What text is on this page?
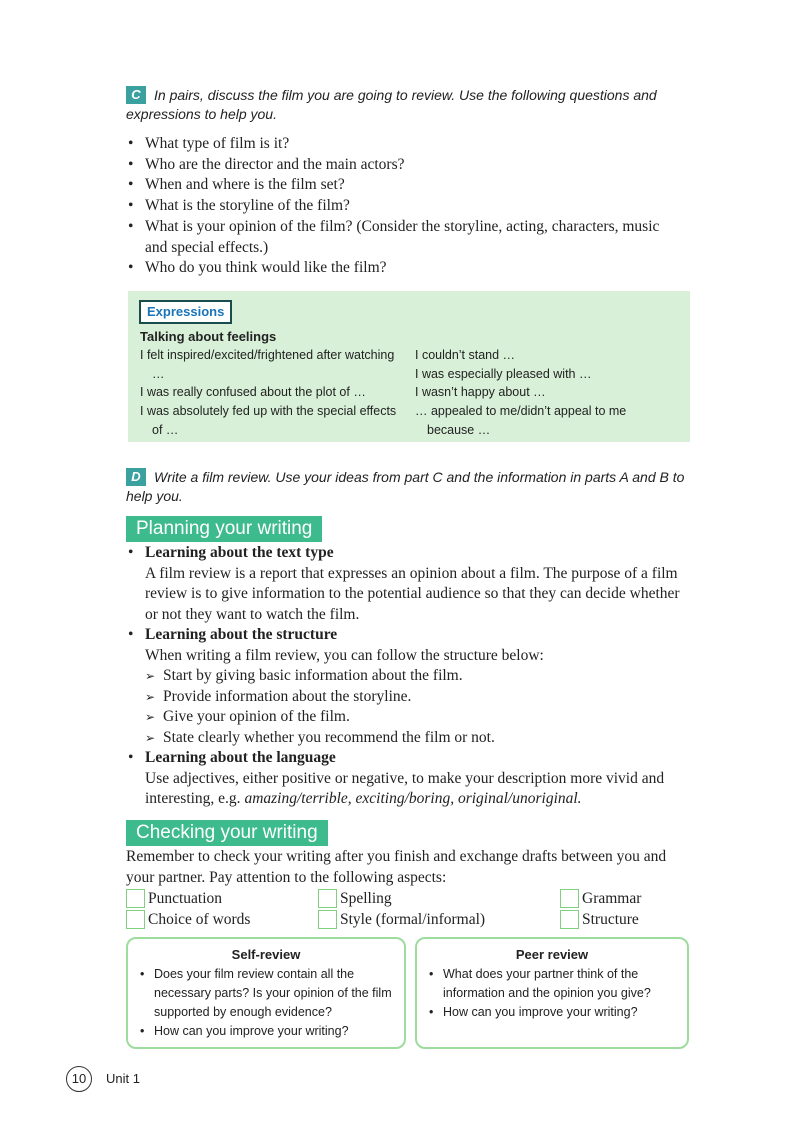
C In pairs, discuss the film you are going to review. Use the following questions and expressions to help you.
• What type of film is it?
• Who are the director and the main actors?
• When and where is the film set?
• What is the storyline of the film?
• What is your opinion of the film? (Consider the storyline, acting, characters, music and special effects.)
• Who do you think would like the film?
Expressions
Talking about feelings
I felt inspired/excited/frightened after watching …
I was really confused about the plot of …
I was absolutely fed up with the special effects of …
I couldn’t stand …
I was especially pleased with …
I wasn’t happy about …
… appealed to me/didn’t appeal to me because …
D Write a film review. Use your ideas from part C and the information in parts A and B to help you.
Planning your writing
• Learning about the text type
A film review is a report that expresses an opinion about a film. The purpose of a film review is to give information to the potential audience so that they can decide whether or not they want to watch the film.
• Learning about the structure
When writing a film review, you can follow the structure below:
➢ Start by giving basic information about the film.
➢ Provide information about the storyline.
➢ Give your opinion of the film.
➢ State clearly whether you recommend the film or not.
• Learning about the language
Use adjectives, either positive or negative, to make your description more vivid and interesting, e.g. amazing/terrible, exciting/boring, original/unoriginal.
Checking your writing
Remember to check your writing after you finish and exchange drafts between you and your partner. Pay attention to the following aspects:
Punctuation	Spelling	Grammar
Choice of words	Style (formal/informal)	Structure
Self-review
• Does your film review contain all the necessary parts? Is your opinion of the film supported by enough evidence?
• How can you improve your writing?
Peer review
• What does your partner think of the information and the opinion you give?
• How can you improve your writing?
10	Unit 1
